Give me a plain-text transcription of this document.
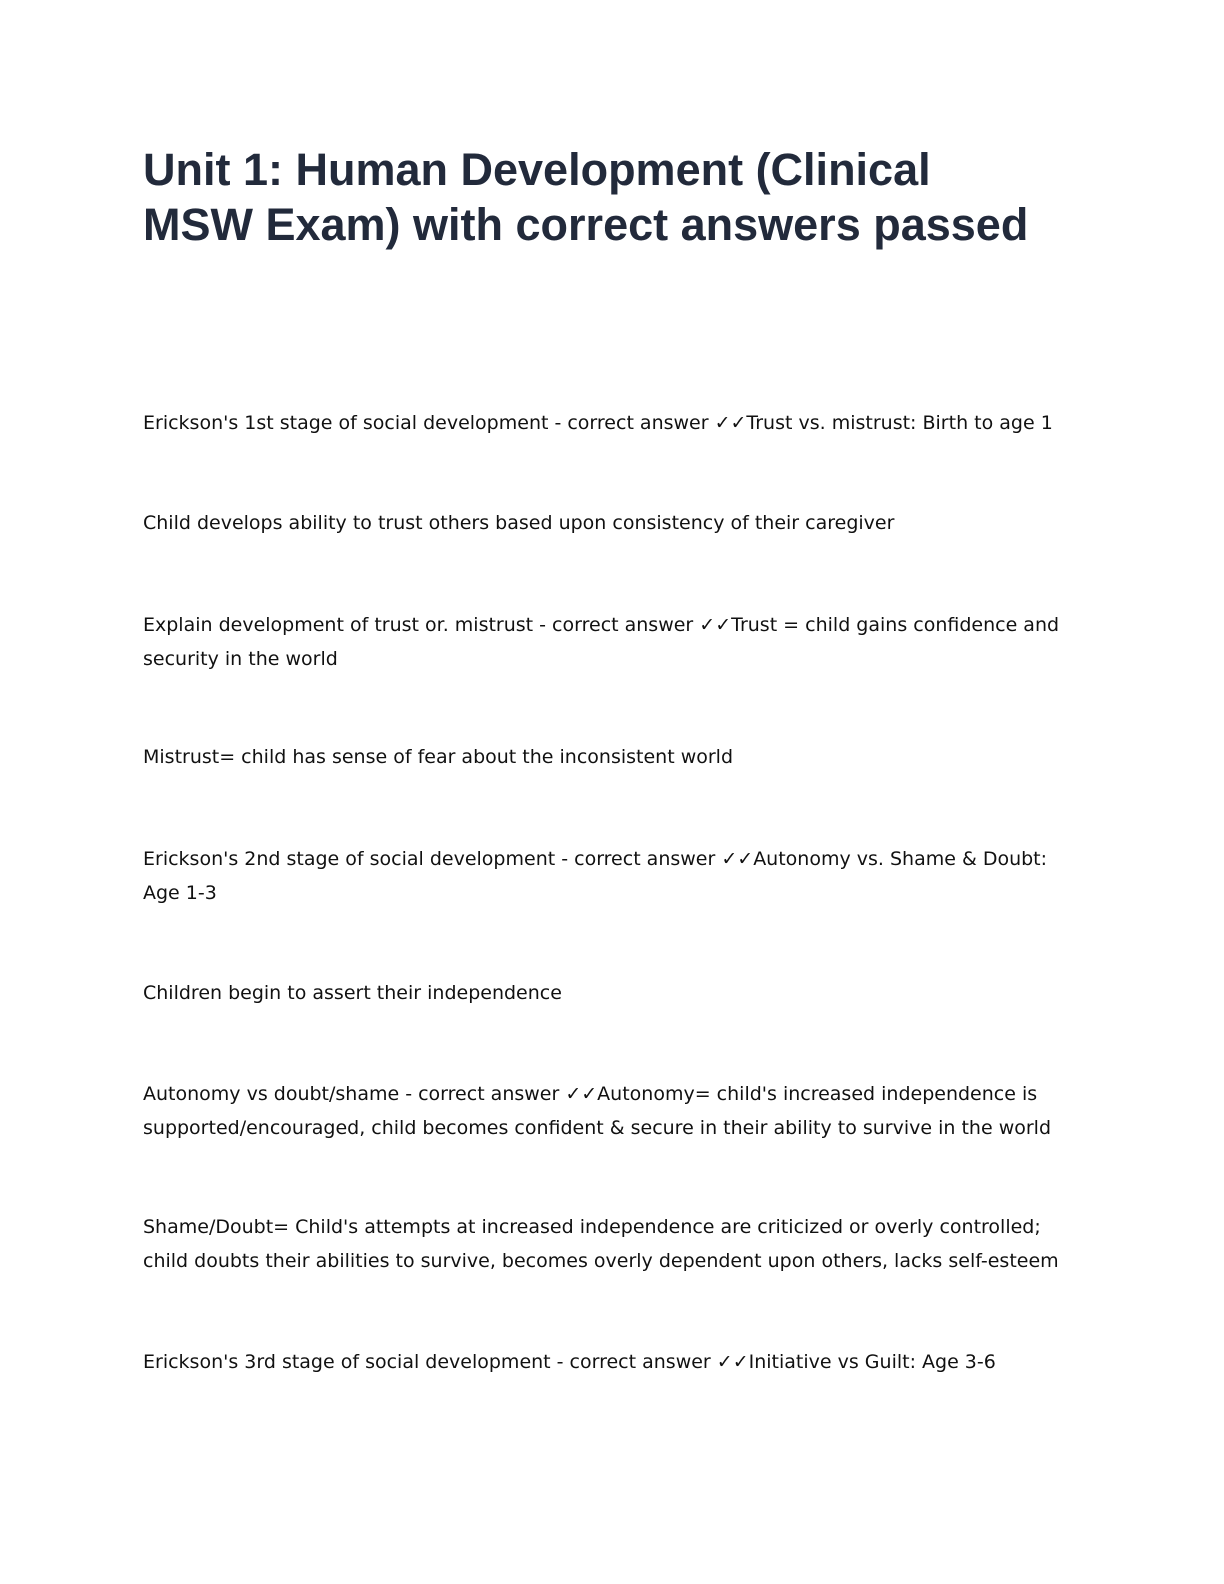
Unit 1: Human Development (Clinical MSW Exam) with correct answers passed

Erickson's 1st stage of social development - correct answer ✓✓Trust vs. mistrust: Birth to age 1

Child develops ability to trust others based upon consistency of their caregiver

Explain development of trust or. mistrust - correct answer ✓✓Trust = child gains confidence and security in the world

Mistrust= child has sense of fear about the inconsistent world

Erickson's 2nd stage of social development - correct answer ✓✓Autonomy vs. Shame & Doubt: Age 1-3

Children begin to assert their independence

Autonomy vs doubt/shame - correct answer ✓✓Autonomy= child's increased independence is supported/encouraged, child becomes confident & secure in their ability to survive in the world

Shame/Doubt= Child's attempts at increased independence are criticized or overly controlled; child doubts their abilities to survive, becomes overly dependent upon others, lacks self-esteem

Erickson's 3rd stage of social development - correct answer ✓✓Initiative vs Guilt: Age 3-6
